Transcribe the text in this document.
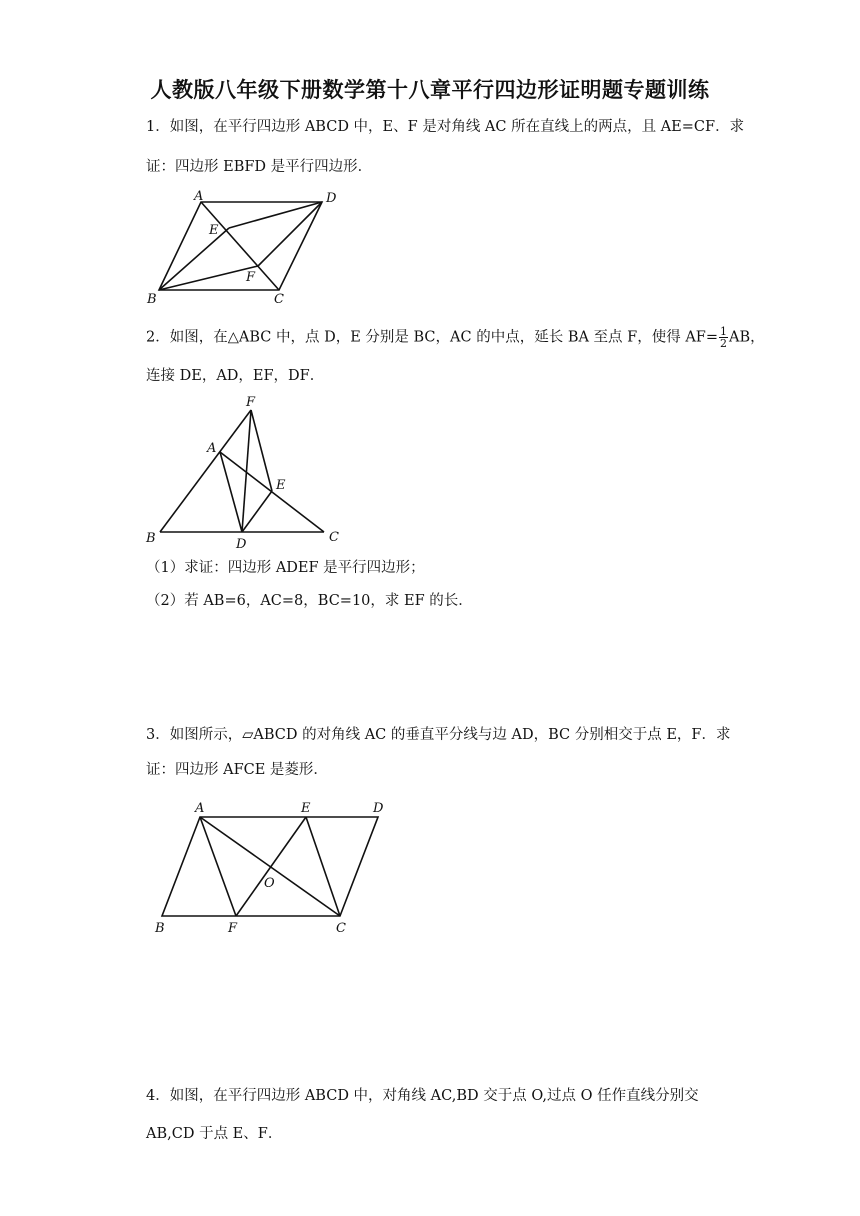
人教版八年级下册数学第十八章平行四边形证明题专题训练
1．如图，在平行四边形 ABCD 中，E、F 是对角线 AC 所在直线上的两点，且 AE=CF．求
证：四边形 EBFD 是平行四边形．
A	D
E
F
B	C
F
A
E
B	D	C
A	E	D
O
B	F	C
2．如图，在△ABC 中，点 D，E 分别是 BC，AC 的中点，延长 BA 至点 F，使得 $AF= \frac{1}{2}$ AB，
连接 DE，AD，EF，DF．
（1）求证：四边形 ADEF 是平行四边形；
（2）若 AB=6，AC=8，BC=10，求 EF 的长．
3．如图所示，▱ABCD 的对角线 AC 的垂直平分线与边 AD，BC 分别相交于点 E，F．求
证：四边形 AFCE 是菱形．
4．如图，在平行四边形 ABCD 中，对角线 AC,BD 交于点 O,过点 O 任作直线分别交
AB,CD 于点 E、F．
